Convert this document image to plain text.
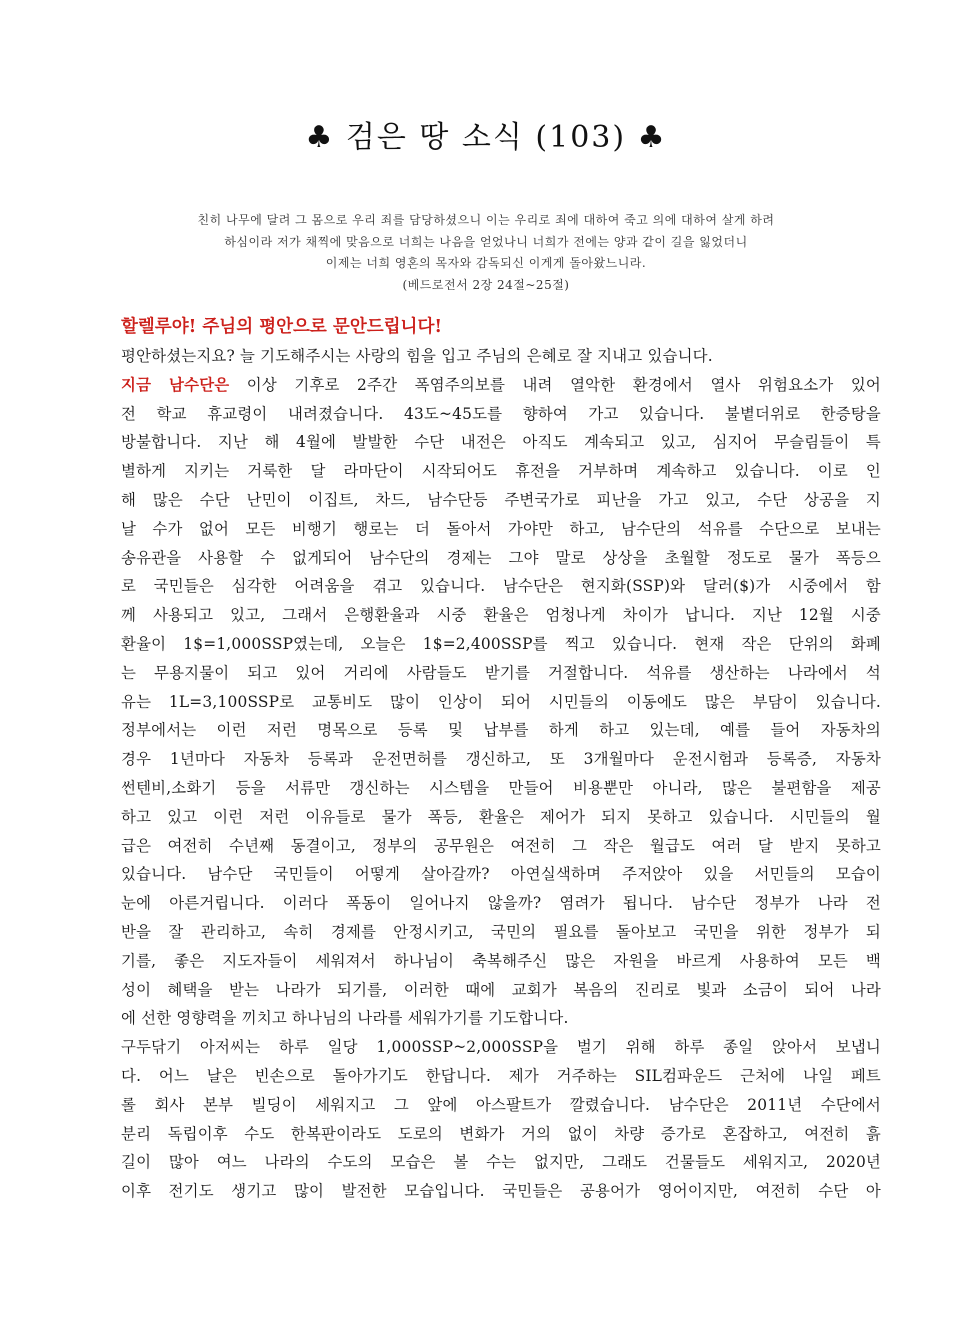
♣ 검은 땅 소식 (103) ♣

친히 나무에 달려 그 몸으로 우리 죄를 담당하셨으니 이는 우리로 죄에 대하여 죽고 의에 대하여 살게 하려

하심이라 저가 채찍에 맞음으로 너희는 나음을 얻었나니 너희가 전에는 양과 같이 길을 잃었더니

이제는 너희 영혼의 목자와 감독되신 이게게 돌아왔느니라.

(베드로전서 2장 24절~25절)

할렐루야! 주님의 평안으로 문안드립니다!

평안하셨는지요? 늘 기도해주시는 사랑의 힘을 입고 주님의 은혜로 잘 지내고 있습니다.

지금 남수단은 이상 기후로 2주간 폭염주의보를 내려 열악한 환경에서 열사 위험요소가 있어

전 학교 휴교령이 내려졌습니다. 43도~45도를 향하여 가고 있습니다. 불볕더위로 한증탕을

방불합니다. 지난 해 4월에 발발한 수단 내전은 아직도 계속되고 있고, 심지어 무슬림들이 특

별하게 지키는 거룩한 달 라마단이 시작되어도 휴전을 거부하며 계속하고 있습니다. 이로 인

해 많은 수단 난민이 이집트, 차드, 남수단등 주변국가로 피난을 가고 있고, 수단 상공을 지

날 수가 없어 모든 비행기 행로는 더 돌아서 가야만 하고, 남수단의 석유를 수단으로 보내는

송유관을 사용할 수 없게되어 남수단의 경제는 그야 말로 상상을 초월할 정도로 물가 폭등으

로 국민들은 심각한 어려움을 겪고 있습니다. 남수단은 현지화(SSP)와 달러($)가 시중에서 함

께 사용되고 있고, 그래서 은행환율과 시중 환율은 엄청나게 차이가 납니다. 지난 12월 시중

환율이 1$=1,000SSP였는데, 오늘은 1$=2,400SSP를 찍고 있습니다. 현재 작은 단위의 화폐

는 무용지물이 되고 있어 거리에 사람들도 받기를 거절합니다. 석유를 생산하는 나라에서 석

유는 1L=3,100SSP로 교통비도 많이 인상이 되어 시민들의 이동에도 많은 부담이 있습니다.

정부에서는 이런 저런 명목으로 등록 및 납부를 하게 하고 있는데, 예를 들어 자동차의

경우 1년마다 자동차 등록과 운전면허를 갱신하고, 또 3개월마다 운전시험과 등록증, 자동차

썬텐비,소화기 등을 서류만 갱신하는 시스템을 만들어 비용뿐만 아니라, 많은 불편함을 제공

하고 있고 이런 저런 이유들로 물가 폭등, 환율은 제어가 되지 못하고 있습니다. 시민들의 월

급은 여전히 수년째 동결이고, 정부의 공무원은 여전히 그 작은 월급도 여러 달 받지 못하고

있습니다. 남수단 국민들이 어떻게 살아갈까? 아연실색하며 주저앉아 있을 서민들의 모습이

눈에 아른거립니다. 이러다 폭동이 일어나지 않을까? 염려가 됩니다. 남수단 정부가 나라 전

반을 잘 관리하고, 속히 경제를 안정시키고, 국민의 필요를 돌아보고 국민을 위한 정부가 되

기를, 좋은 지도자들이 세워져서 하나님이 축복해주신 많은 자원을 바르게 사용하여 모든 백

성이 혜택을 받는 나라가 되기를, 이러한 때에 교회가 복음의 진리로 빛과 소금이 되어 나라

에 선한 영향력을 끼치고 하나님의 나라를 세워가기를 기도합니다.

구두닦기 아저씨는 하루 일당 1,000SSP~2,000SSP을 벌기 위해 하루 종일 앉아서 보냅니

다. 어느 날은 빈손으로 돌아가기도 한답니다. 제가 거주하는 SIL컴파운드 근처에 나일 페트

롤 회사 본부 빌딩이 세워지고 그 앞에 아스팔트가 깔렸습니다. 남수단은 2011년 수단에서

분리 독립이후 수도 한복판이라도 도로의 변화가 거의 없이 차량 증가로 혼잡하고, 여전히 흙

길이 많아 여느 나라의 수도의 모습은 볼 수는 없지만, 그래도 건물들도 세워지고, 2020년

이후 전기도 생기고 많이 발전한 모습입니다. 국민들은 공용어가 영어이지만, 여전히 수단 아
